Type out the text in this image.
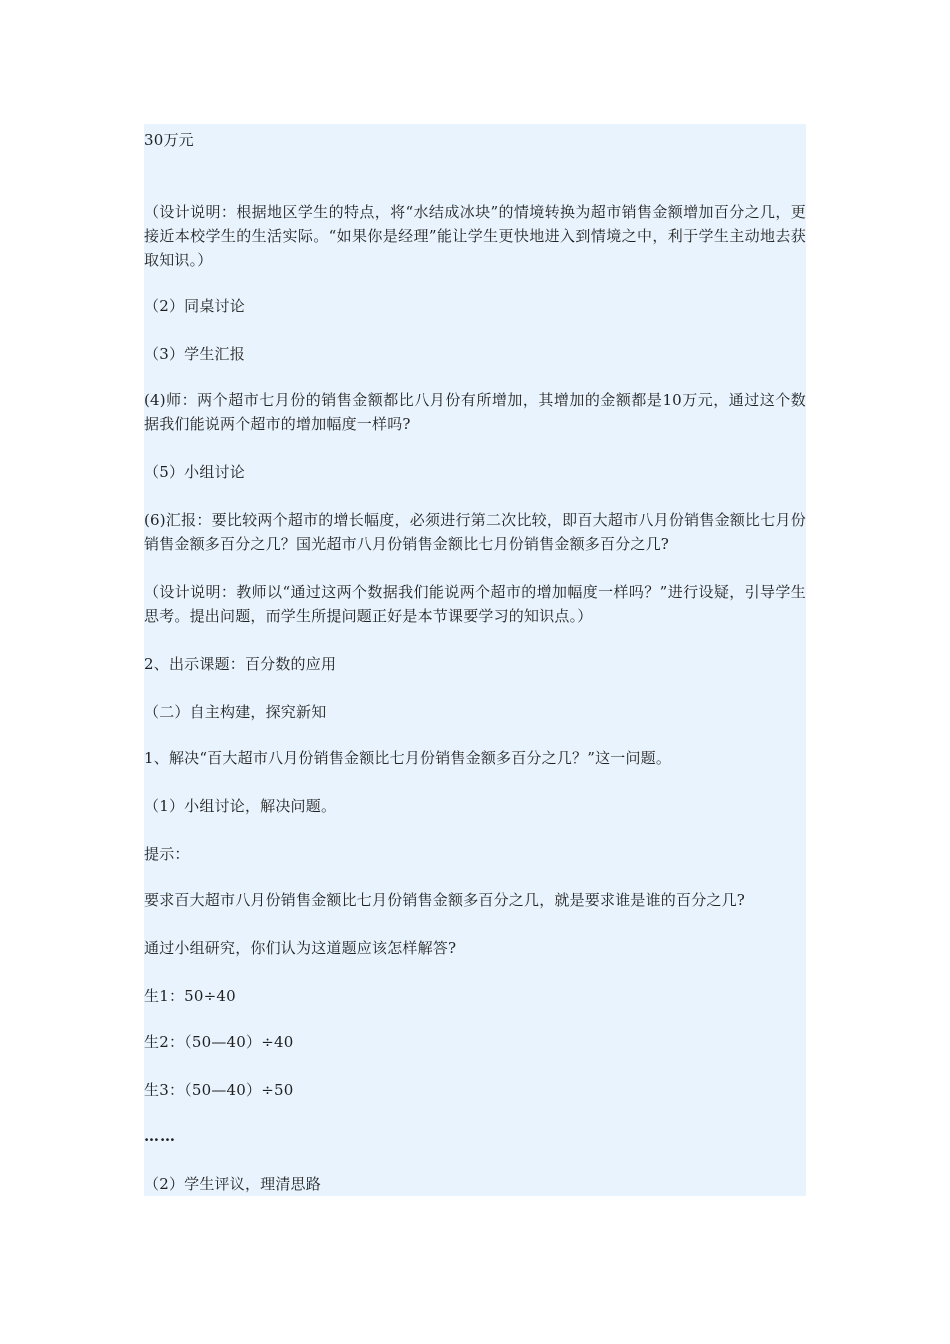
30万元

（设计说明：根据地区学生的特点，将“水结成冰块”的情境转换为超市销售金额增加百分之几，更接近本校学生的生活实际。“如果你是经理”能让学生更快地进入到情境之中，利于学生主动地去获取知识。）

（2）同桌讨论

（3）学生汇报

(4)师：两个超市七月份的销售金额都比八月份有所增加，其增加的金额都是10万元，通过这个数据我们能说两个超市的增加幅度一样吗?

（5）小组讨论

(6)汇报：要比较两个超市的增长幅度，必须进行第二次比较，即百大超市八月份销售金额比七月份销售金额多百分之几？国光超市八月份销售金额比七月份销售金额多百分之几?

（设计说明：教师以“通过这两个数据我们能说两个超市的增加幅度一样吗？”进行设疑，引导学生思考。提出问题，而学生所提问题正好是本节课要学习的知识点。）

2、出示课题：百分数的应用

（二）自主构建，探究新知

1、解决“百大超市八月份销售金额比七月份销售金额多百分之几？”这一问题。

（1）小组讨论，解决问题。

提示：

要求百大超市八月份销售金额比七月份销售金额多百分之几，就是要求谁是谁的百分之几?

通过小组研究，你们认为这道题应该怎样解答?

生1：50÷40

生2：（50—40）÷40

生3：（50—40）÷50

……

（2）学生评议，理清思路
